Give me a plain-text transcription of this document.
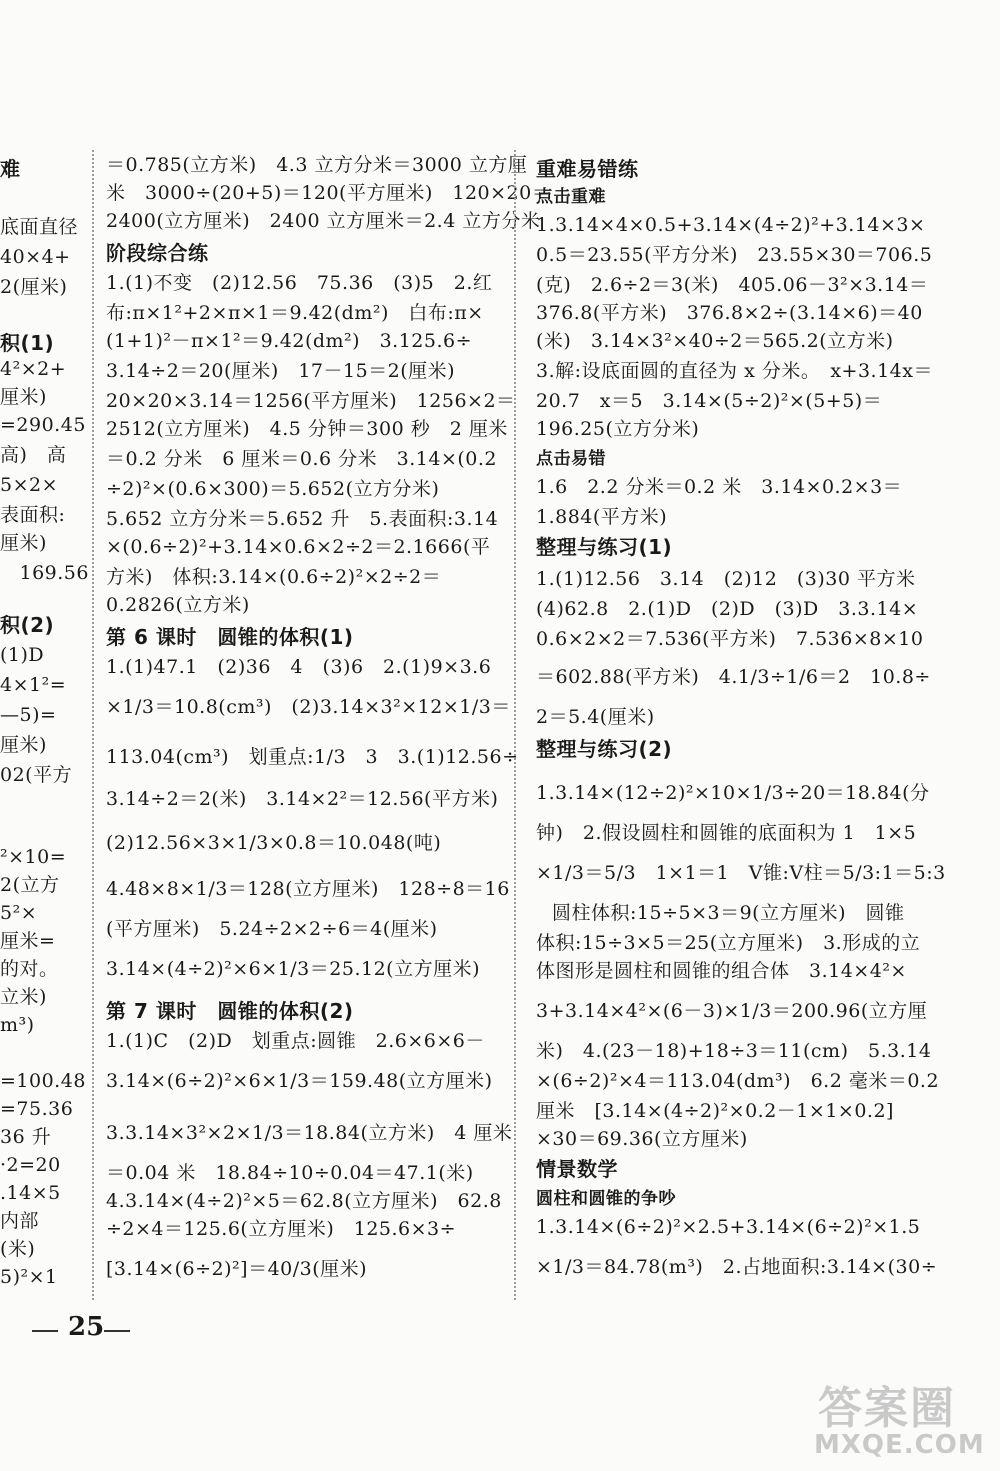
难
底面直径
40×4+
2(厘米)
积(1)
4²×2+
厘米)
=290.45
高)　高
5×2×
表面积:
厘米)
　169.56
积(2)
(1)D
4×1²=
—5)=
厘米)
02(平方
²×10=
2(立方
5²×
厘米=
的对。
立米)
m³)
=100.48
=75.36
36 升
·2=20
.14×5
内部
(米)
5)²×1
＝0.785(立方米)　4.3 立方分米＝3000 立方厘
米　3000÷(20+5)＝120(平方厘米)　120×20＝
2400(立方厘米)　2400 立方厘米＝2.4 立方分米
阶段综合练
1.(1)不变　(2)12.56　75.36　(3)5　2.红
布:π×1²+2×π×1＝9.42(dm²)　白布:π×
(1+1)²－π×1²＝9.42(dm²)　3.125.6÷
3.14÷2＝20(厘米)　17－15＝2(厘米)
20×20×3.14＝1256(平方厘米)　1256×2＝
2512(立方厘米)　4.5 分钟＝300 秒　2 厘米
＝0.2 分米　6 厘米＝0.6 分米　3.14×(0.2
÷2)²×(0.6×300)＝5.652(立方分米)
5.652 立方分米＝5.652 升　5.表面积:3.14
×(0.6÷2)²+3.14×0.6×2÷2＝2.1666(平
方米)　体积:3.14×(0.6÷2)²×2÷2＝
0.2826(立方米)
第 6 课时　圆锥的体积(1)
1.(1)47.1　(2)36　4　(3)6　2.(1)9×3.6
×1/3＝10.8(cm³)　(2)3.14×3²×12×1/3＝
113.04(cm³)　划重点:1/3　3　3.(1)12.56÷
3.14÷2＝2(米)　3.14×2²＝12.56(平方米)
(2)12.56×3×1/3×0.8＝10.048(吨)
4.48×8×1/3＝128(立方厘米)　128÷8＝16
(平方厘米)　5.24÷2×2÷6＝4(厘米)
3.14×(4÷2)²×6×1/3＝25.12(立方厘米)
第 7 课时　圆锥的体积(2)
1.(1)C　(2)D　划重点:圆锥　2.6×6×6－
3.14×(6÷2)²×6×1/3＝159.48(立方厘米)
3.3.14×3²×2×1/3＝18.84(立方米)　4 厘米
＝0.04 米　18.84÷10÷0.04＝47.1(米)
4.3.14×(4÷2)²×5＝62.8(立方厘米)　62.8
÷2×4＝125.6(立方厘米)　125.6×3÷
[3.14×(6÷2)²]＝40/3(厘米)
重难易错练
点击重难
1.3.14×4×0.5+3.14×(4÷2)²+3.14×3×
0.5＝23.55(平方分米)　23.55×30＝706.5
(克)　2.6÷2＝3(米)　405.06－3²×3.14＝
376.8(平方米)　376.8×2÷(3.14×6)＝40
(米)　3.14×3²×40÷2＝565.2(立方米)
3.解:设底面圆的直径为 x 分米。　x+3.14x＝
20.7　x＝5　3.14×(5÷2)²×(5+5)＝
196.25(立方分米)
点击易错
1.6　2.2 分米＝0.2 米　3.14×0.2×3＝
1.884(平方米)
整理与练习(1)
1.(1)12.56　3.14　(2)12　(3)30 平方米
(4)62.8　2.(1)D　(2)D　(3)D　3.3.14×
0.6×2×2＝7.536(平方米)　7.536×8×10
＝602.88(平方米)　4.1/3÷1/6＝2　10.8÷
2＝5.4(厘米)
整理与练习(2)
1.3.14×(12÷2)²×10×1/3÷20＝18.84(分
钟)　2.假设圆柱和圆锥的底面积为 1　1×5
×1/3＝5/3　1×1＝1　V锥:V柱＝5/3:1＝5:3
圆柱体积:15÷5×3＝9(立方厘米)　圆锥
体积:15÷3×5＝25(立方厘米)　3.形成的立
体图形是圆柱和圆锥的组合体　3.14×4²×
3+3.14×4²×(6－3)×1/3＝200.96(立方厘
米)　4.(23－18)+18÷3＝11(cm)　5.3.14
×(6÷2)²×4＝113.04(dm³)　6.2 毫米＝0.2
厘米　[3.14×(4÷2)²×0.2－1×1×0.2]
×30＝69.36(立方厘米)
情景数学
圆柱和圆锥的争吵
1.3.14×(6÷2)²×2.5+3.14×(6÷2)²×1.5
×1/3＝84.78(m³)　2.占地面积:3.14×(30÷
25
答案圈
MXQE.COM
